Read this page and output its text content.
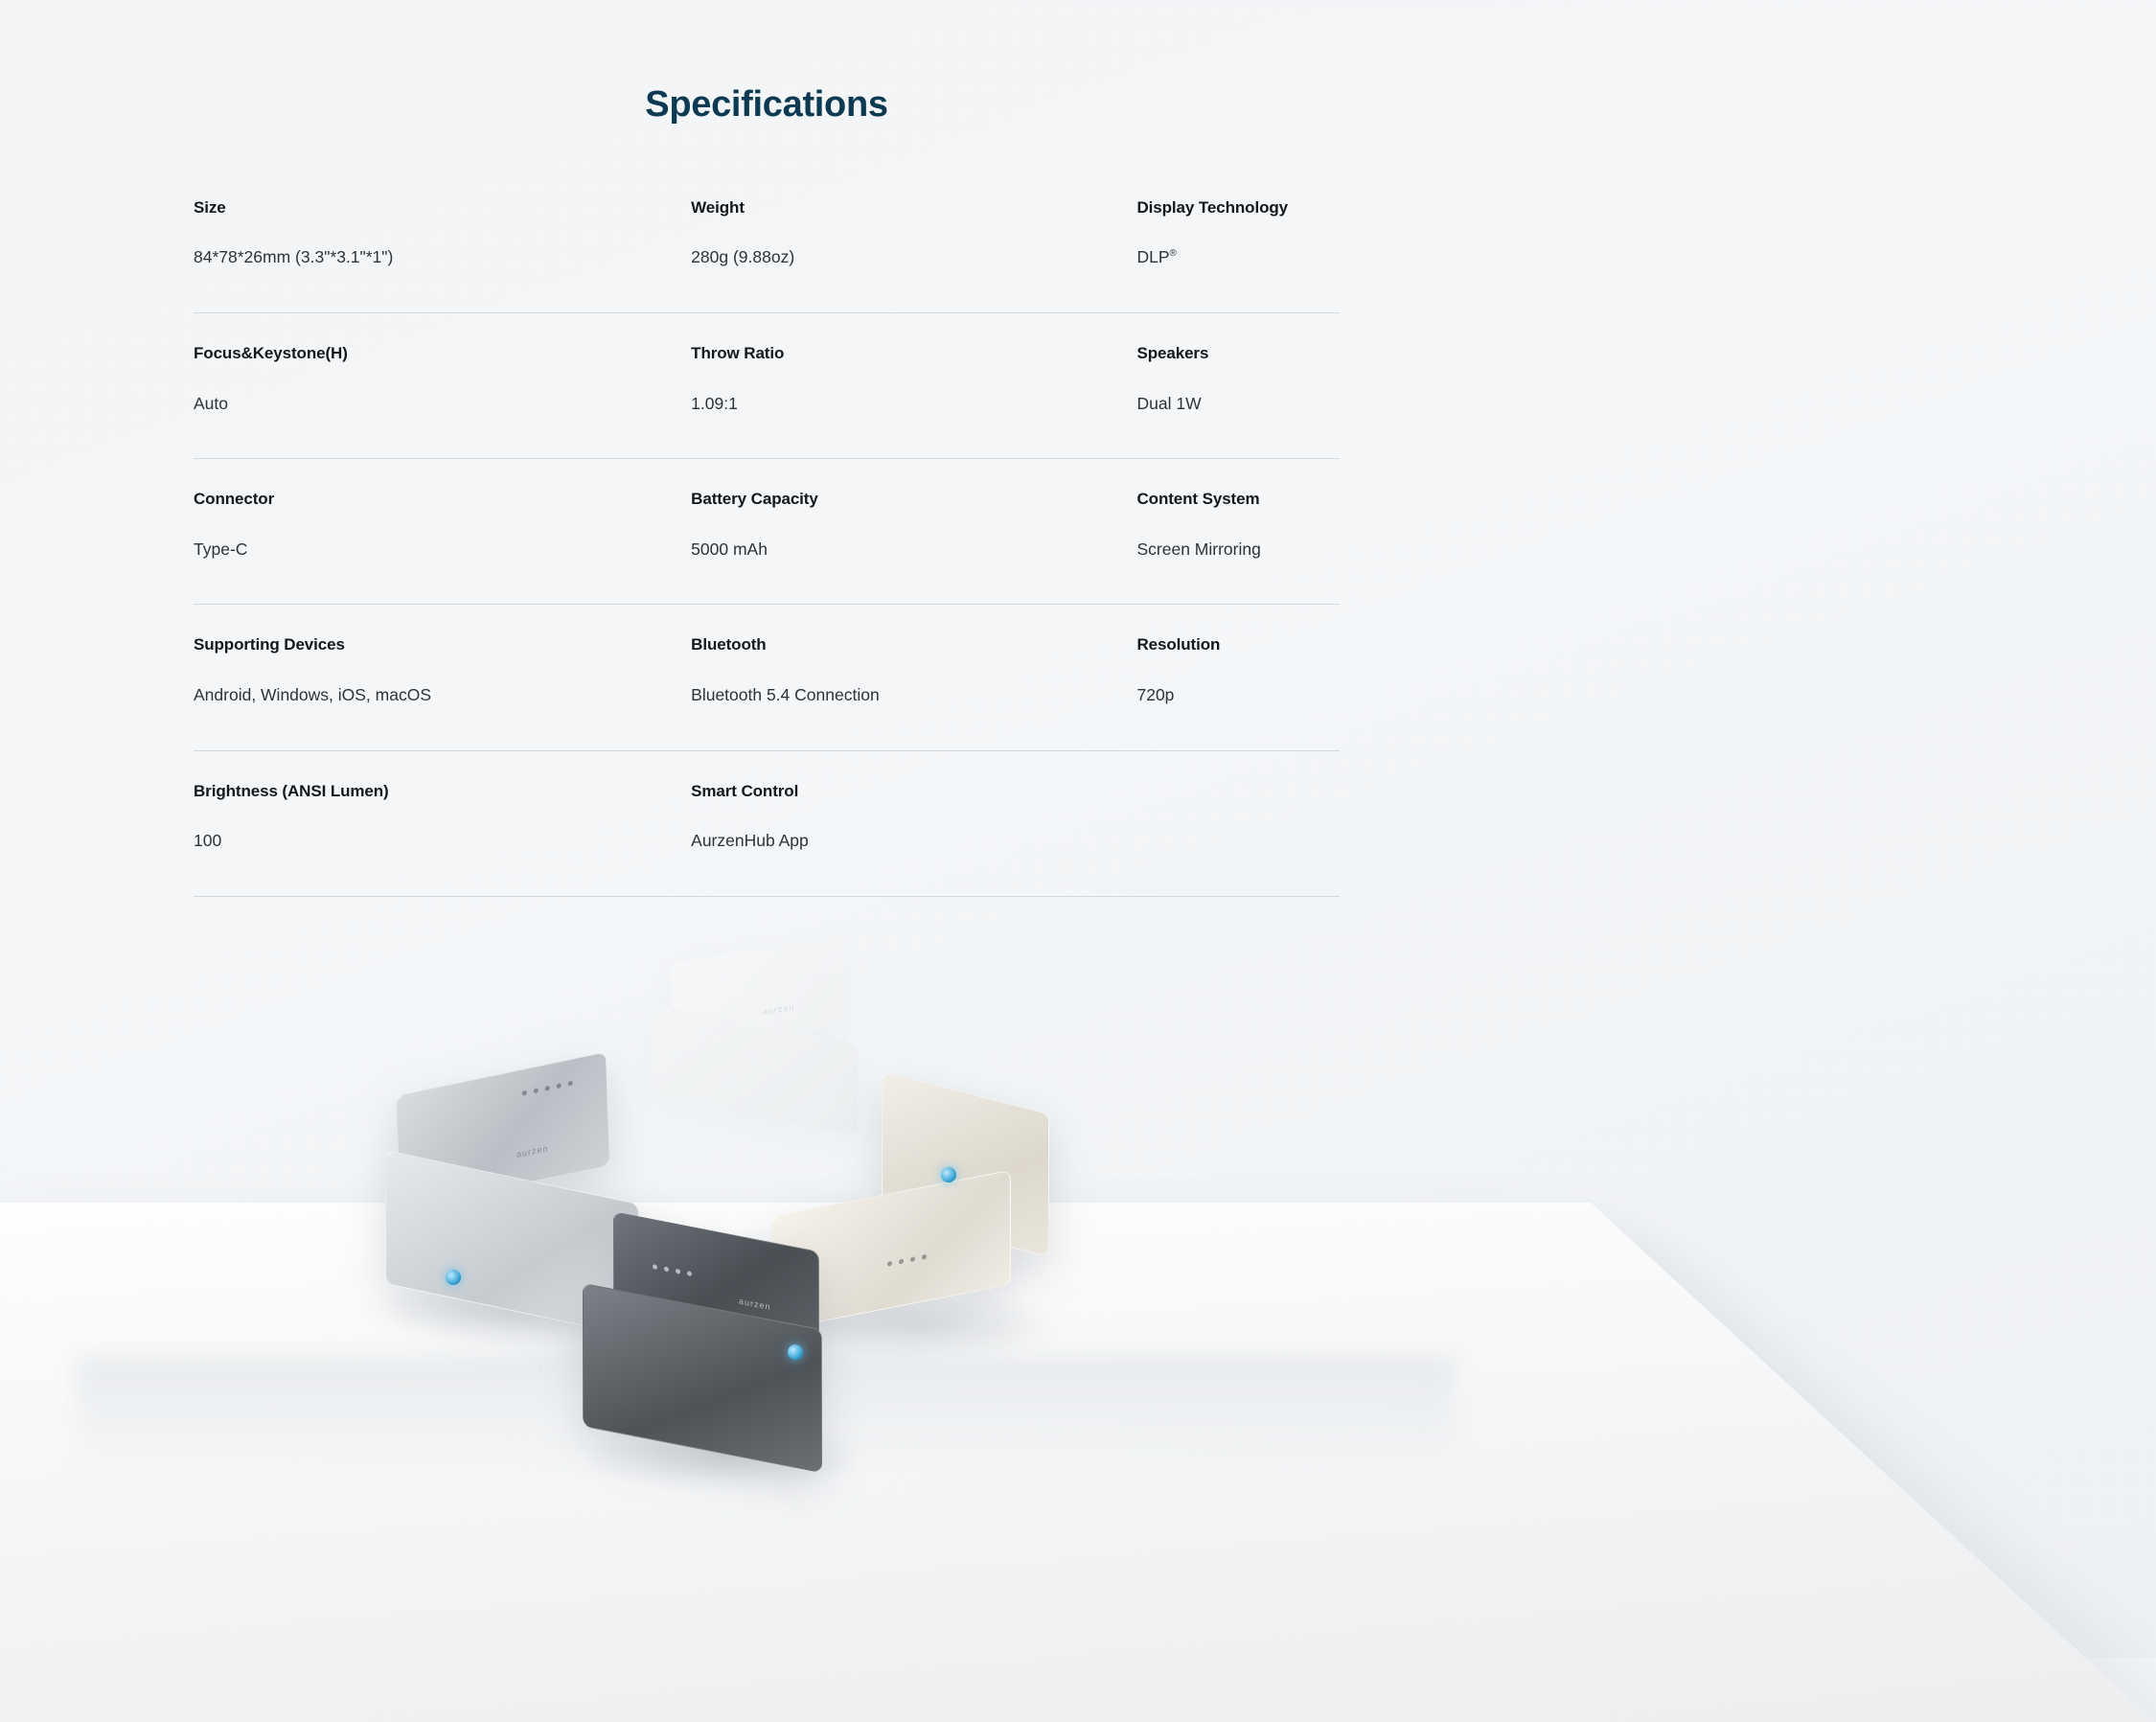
Specifications
Size
84*78*26mm (3.3"*3.1"*1")
Weight
280g (9.88oz)
Display Technology
DLP®
Focus&Keystone(H)
Auto
Throw Ratio
1.09:1
Speakers
Dual 1W
Connector
Type-C
Battery Capacity
5000 mAh
Content System
Screen Mirroring
Supporting Devices
Android, Windows, iOS, macOS
Bluetooth
Bluetooth 5.4 Connection
Resolution
720p
Brightness (ANSI Lumen)
100
Smart Control
AurzenHub App
aurzen
aurzen
aurzen
